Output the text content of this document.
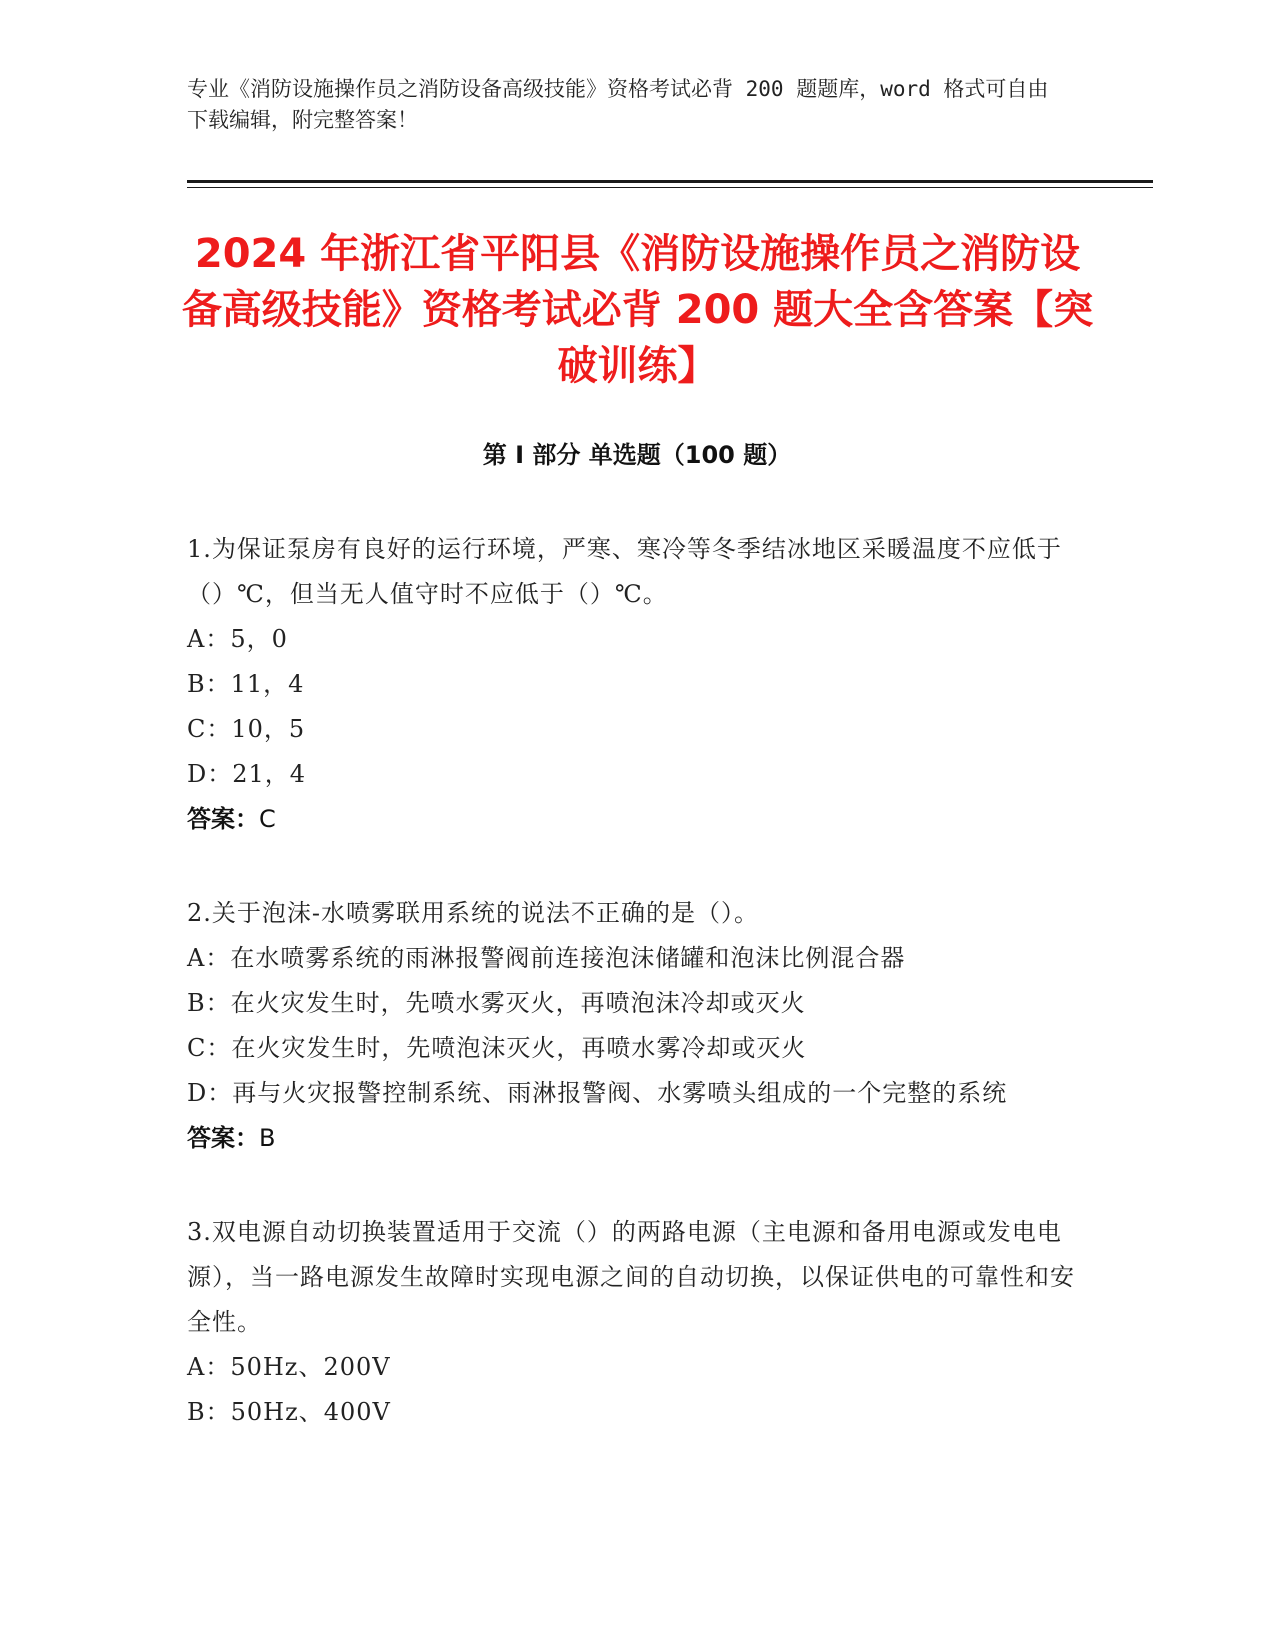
专业《消防设施操作员之消防设备高级技能》资格考试必背 200 题题库，word 格式可自由下载编辑，附完整答案！
2024 年浙江省平阳县《消防设施操作员之消防设备高级技能》资格考试必背 200 题大全含答案【突破训练】
第 I 部分 单选题（100 题）
1.为保证泵房有良好的运行环境，严寒、寒冷等冬季结冰地区采暖温度不应低于（）℃，但当无人值守时不应低于（）℃。
A：5，0
B：11，4
C：10，5
D：21，4
答案：C
2.关于泡沫-水喷雾联用系统的说法不正确的是（）。
A：在水喷雾系统的雨淋报警阀前连接泡沫储罐和泡沫比例混合器
B：在火灾发生时，先喷水雾灭火，再喷泡沫冷却或灭火
C：在火灾发生时，先喷泡沫灭火，再喷水雾冷却或灭火
D：再与火灾报警控制系统、雨淋报警阀、水雾喷头组成的一个完整的系统
答案：B
3.双电源自动切换装置适用于交流（）的两路电源（主电源和备用电源或发电电源），当一路电源发生故障时实现电源之间的自动切换，以保证供电的可靠性和安全性。
A：50Hz、200V
B：50Hz、400V
